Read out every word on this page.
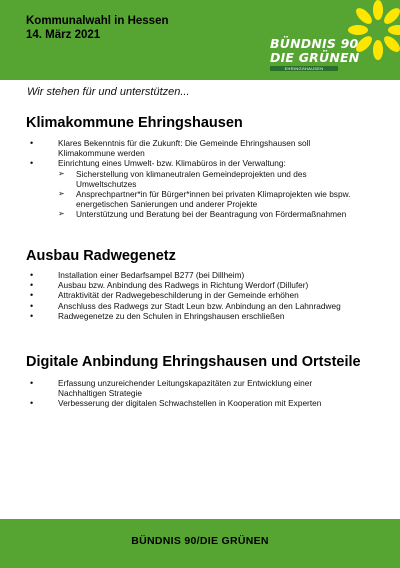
Kommunalwahl in Hessen
14. März 2021
BÜNDNIS 90
DIE GRÜNEN
EHRINGSHAUSEN
Wir stehen für und unterstützen...
Klimakommune Ehringshausen
•	Klares Bekenntnis für die Zukunft: Die Gemeinde Ehringshausen soll Klimakommune werden
•	Einrichtung eines Umwelt- bzw. Klimabüros in der Verwaltung:
➢ Sicherstellung von klimaneutralen Gemeindeprojekten und des Umweltschutzes
➢ Ansprechpartner*in für Bürger*innen bei privaten Klimaprojekten wie bspw. energetischen Sanierungen und anderer Projekte
➢ Unterstützung und Beratung bei der Beantragung von Fördermaßnahmen
Ausbau Radwegenetz
•	Installation einer Bedarfsampel B277 (bei Dillheim)
•	Ausbau bzw. Anbindung des Radwegs in Richtung Werdorf (Dillufer)
•	Attraktivität der Radwegebeschilderung in der Gemeinde erhöhen
•	Anschluss des Radwegs zur Stadt Leun bzw. Anbindung an den Lahnradweg
•	Radwegenetze zu den Schulen in Ehringshausen erschließen
Digitale Anbindung Ehringshausen und Ortsteile
•	Erfassung unzureichender Leitungskapazitäten zur Entwicklung einer Nachhaltigen Strategie
•	Verbesserung der digitalen Schwachstellen in Kooperation mit Experten
BÜNDNIS 90/DIE GRÜNEN
